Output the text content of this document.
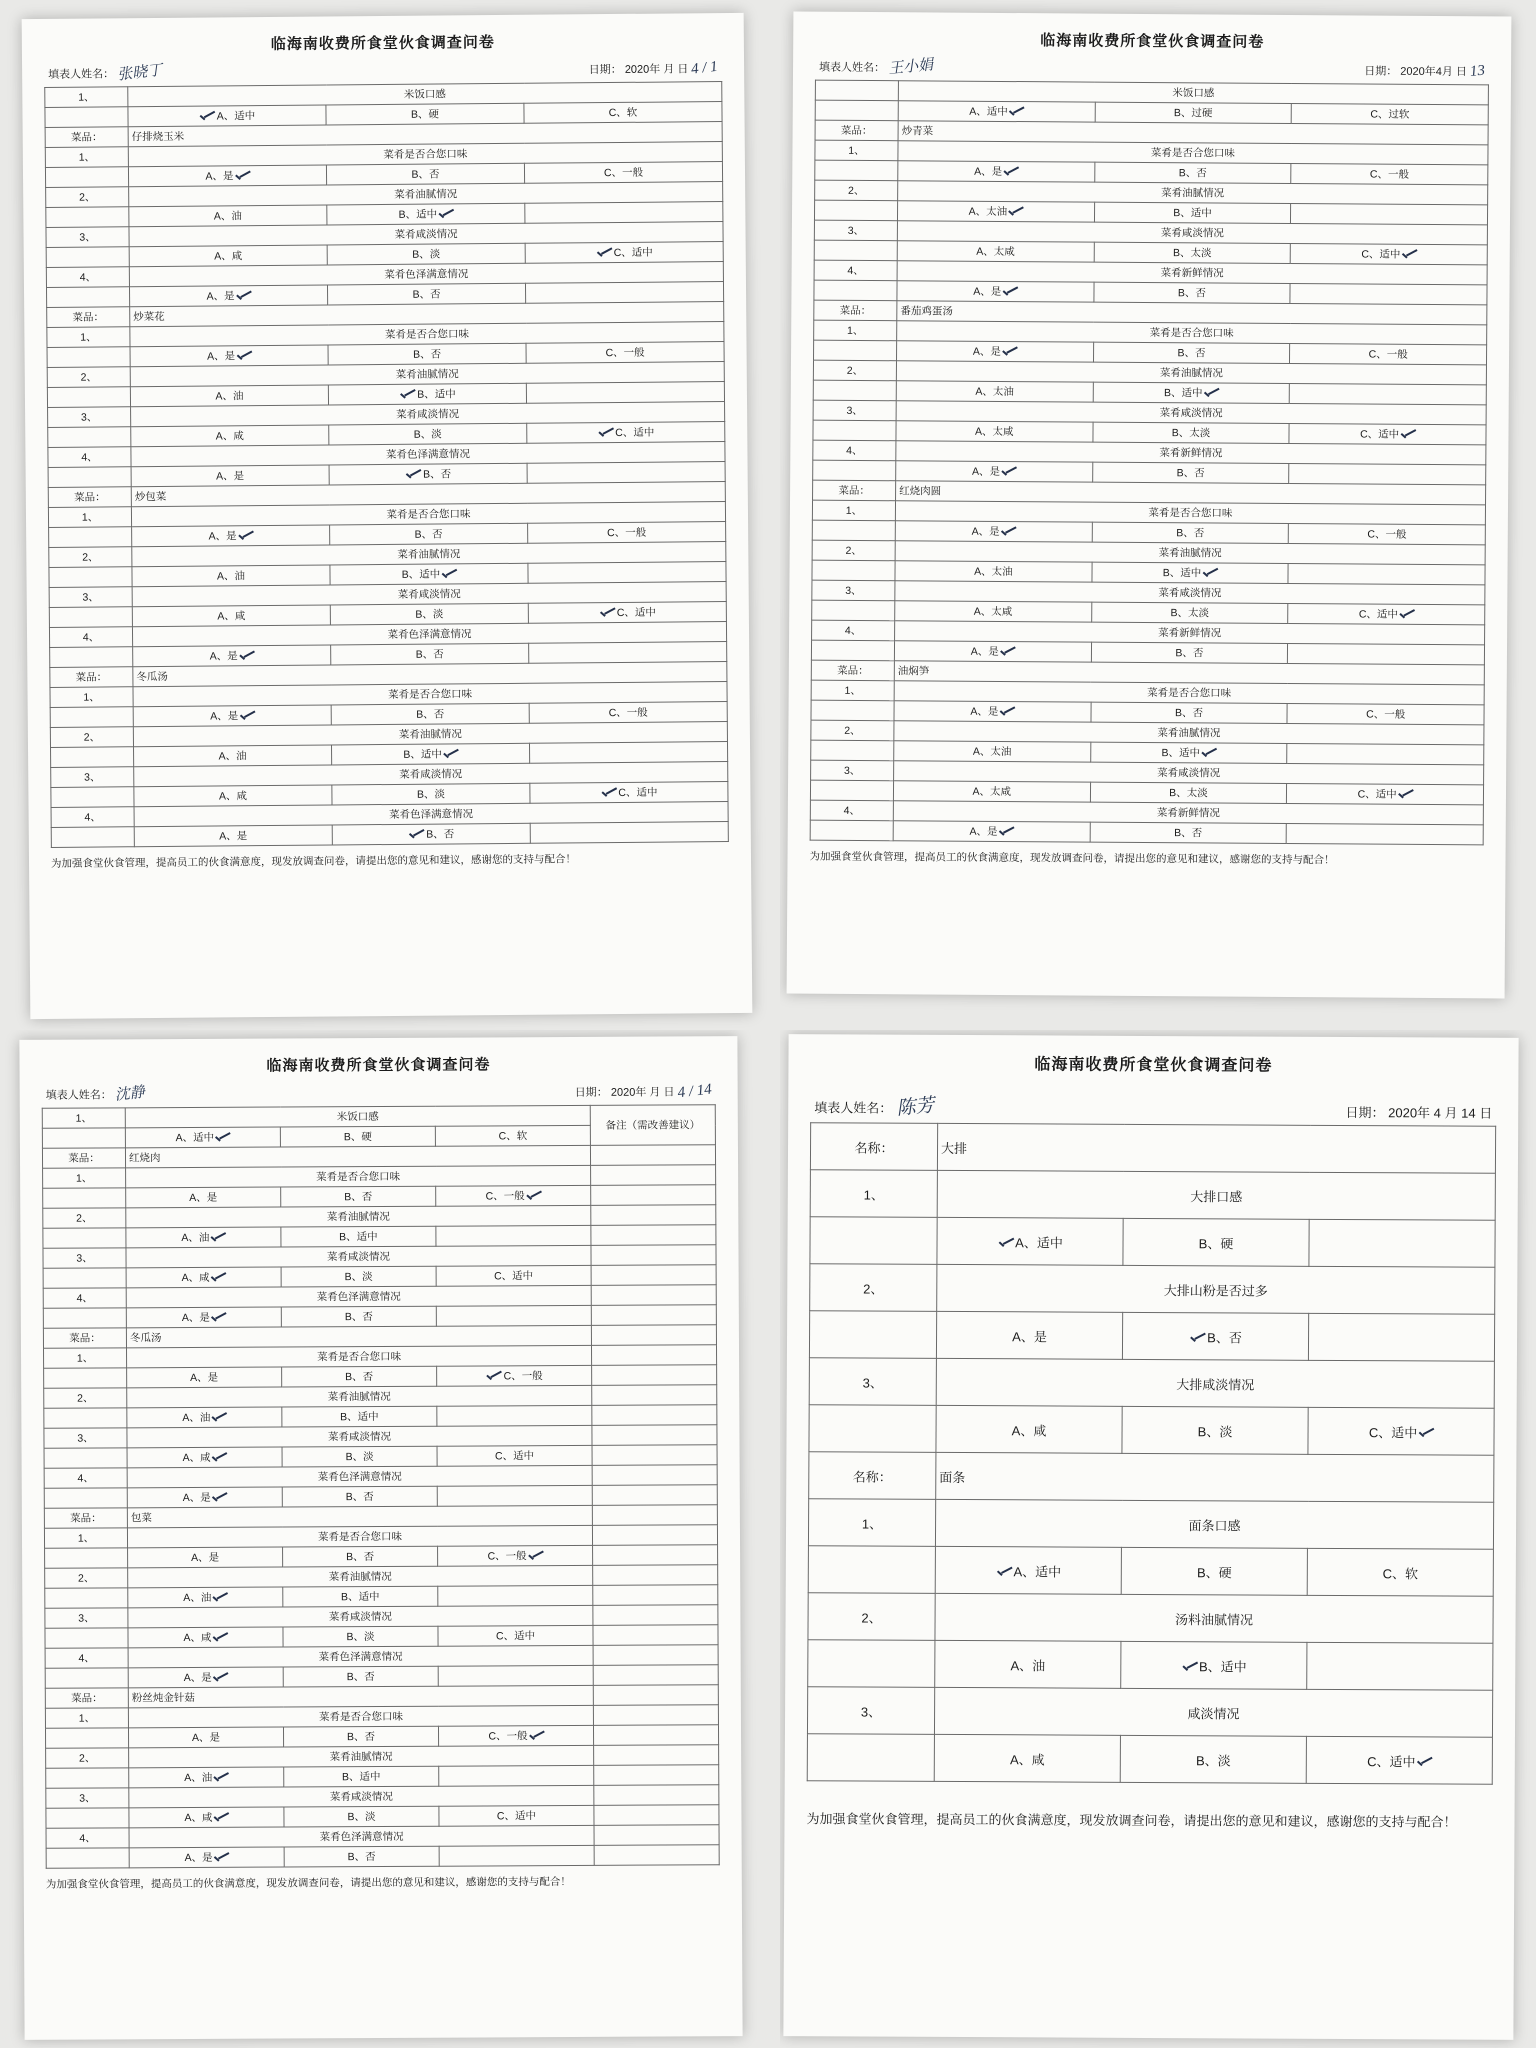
临海南收费所食堂伙食调查问卷
填表人姓名： 张晓丁	日期： 2020年 月 日 4 / 1
1、	米饭口感		
	A、适中	B、硬	C、软
菜品：	仔排烧玉米		
1、	菜肴是否合您口味		
	A、是	B、否	C、一般
2、	菜肴油腻情况		
	A、油	B、适中	
3、	菜肴咸淡情况		
	A、咸	B、淡	C、适中
4、	菜肴色泽满意情况		
	A、是	B、否	
菜品：	炒菜花		
1、	菜肴是否合您口味		
	A、是	B、否	C、一般
2、	菜肴油腻情况		
	A、油	B、适中	
3、	菜肴咸淡情况		
	A、咸	B、淡	C、适中
4、	菜肴色泽满意情况		
	A、是	B、否	
菜品：	炒包菜		
1、	菜肴是否合您口味		
	A、是	B、否	C、一般
2、	菜肴油腻情况		
	A、油	B、适中	
3、	菜肴咸淡情况		
	A、咸	B、淡	C、适中
4、	菜肴色泽满意情况		
	A、是	B、否	
菜品：	冬瓜汤		
1、	菜肴是否合您口味		
	A、是	B、否	C、一般
2、	菜肴油腻情况		
	A、油	B、适中	
3、	菜肴咸淡情况		
	A、咸	B、淡	C、适中
4、	菜肴色泽满意情况		
	A、是	B、否	
为加强食堂伙食管理，提高员工的伙食满意度，现发放调查问卷，请提出您的意见和建议，感谢您的支持与配合！
临海南收费所食堂伙食调查问卷
填表人姓名： 王小娟	日期： 2020年4月 日 13
	米饭口感		
	A、适中	B、过硬	C、过软
菜品：	炒青菜		
1、	菜肴是否合您口味		
	A、是	B、否	C、一般
2、	菜肴油腻情况		
	A、太油	B、适中	
3、	菜肴咸淡情况		
	A、太咸	B、太淡	C、适中
4、	菜肴新鲜情况		
	A、是	B、否	
菜品：	番茄鸡蛋汤		
1、	菜肴是否合您口味		
	A、是	B、否	C、一般
2、	菜肴油腻情况		
	A、太油	B、适中	
3、	菜肴咸淡情况		
	A、太咸	B、太淡	C、适中
4、	菜肴新鲜情况		
	A、是	B、否	
菜品：	红烧肉圆		
1、	菜肴是否合您口味		
	A、是	B、否	C、一般
2、	菜肴油腻情况		
	A、太油	B、适中	
3、	菜肴咸淡情况		
	A、太咸	B、太淡	C、适中
4、	菜肴新鲜情况		
	A、是	B、否	
菜品：	油焖笋		
1、	菜肴是否合您口味		
	A、是	B、否	C、一般
2、	菜肴油腻情况		
	A、太油	B、适中	
3、	菜肴咸淡情况		
	A、太咸	B、太淡	C、适中
4、	菜肴新鲜情况		
	A、是	B、否	
为加强食堂伙食管理，提高员工的伙食满意度，现发放调查问卷，请提出您的意见和建议，感谢您的支持与配合！
临海南收费所食堂伙食调查问卷
填表人姓名： 沈静	日期： 2020年 月 日 4 / 14
1、	米饭口感			备注（需改善建议）
	A、适中	B、硬	C、软	
菜品：	红烧肉			
1、	菜肴是否合您口味			
	A、是	B、否	C、一般	
2、	菜肴油腻情况			
	A、油	B、适中		
3、	菜肴咸淡情况			
	A、咸	B、淡	C、适中	
4、	菜肴色泽满意情况			
	A、是	B、否		
菜品：	冬瓜汤			
1、	菜肴是否合您口味			
	A、是	B、否	C、一般	
2、	菜肴油腻情况			
	A、油	B、适中		
3、	菜肴咸淡情况			
	A、咸	B、淡	C、适中	
4、	菜肴色泽满意情况			
	A、是	B、否		
菜品：	包菜			
1、	菜肴是否合您口味			
	A、是	B、否	C、一般	
2、	菜肴油腻情况			
	A、油	B、适中		
3、	菜肴咸淡情况			
	A、咸	B、淡	C、适中	
4、	菜肴色泽满意情况			
	A、是	B、否		
菜品：	粉丝炖金针菇			
1、	菜肴是否合您口味			
	A、是	B、否	C、一般	
2、	菜肴油腻情况			
	A、油	B、适中		
3、	菜肴咸淡情况			
	A、咸	B、淡	C、适中	
4、	菜肴色泽满意情况			
	A、是	B、否		
为加强食堂伙食管理，提高员工的伙食满意度，现发放调查问卷，请提出您的意见和建议，感谢您的支持与配合！
临海南收费所食堂伙食调查问卷
填表人姓名： 陈芳	日期： 2020年 4 月 14 日
名称：	大排		
1、	大排口感		
	A、适中	B、硬	
2、	大排山粉是否过多		
	A、是	B、否	
3、	大排咸淡情况		
	A、咸	B、淡	C、适中
名称：	面条		
1、	面条口感		
	A、适中	B、硬	C、软
2、	汤料油腻情况		
	A、油	B、适中	
3、	咸淡情况		
	A、咸	B、淡	C、适中
为加强食堂伙食管理，提高员工的伙食满意度，现发放调查问卷，请提出您的意见和建议，感谢您的支持与配合！
